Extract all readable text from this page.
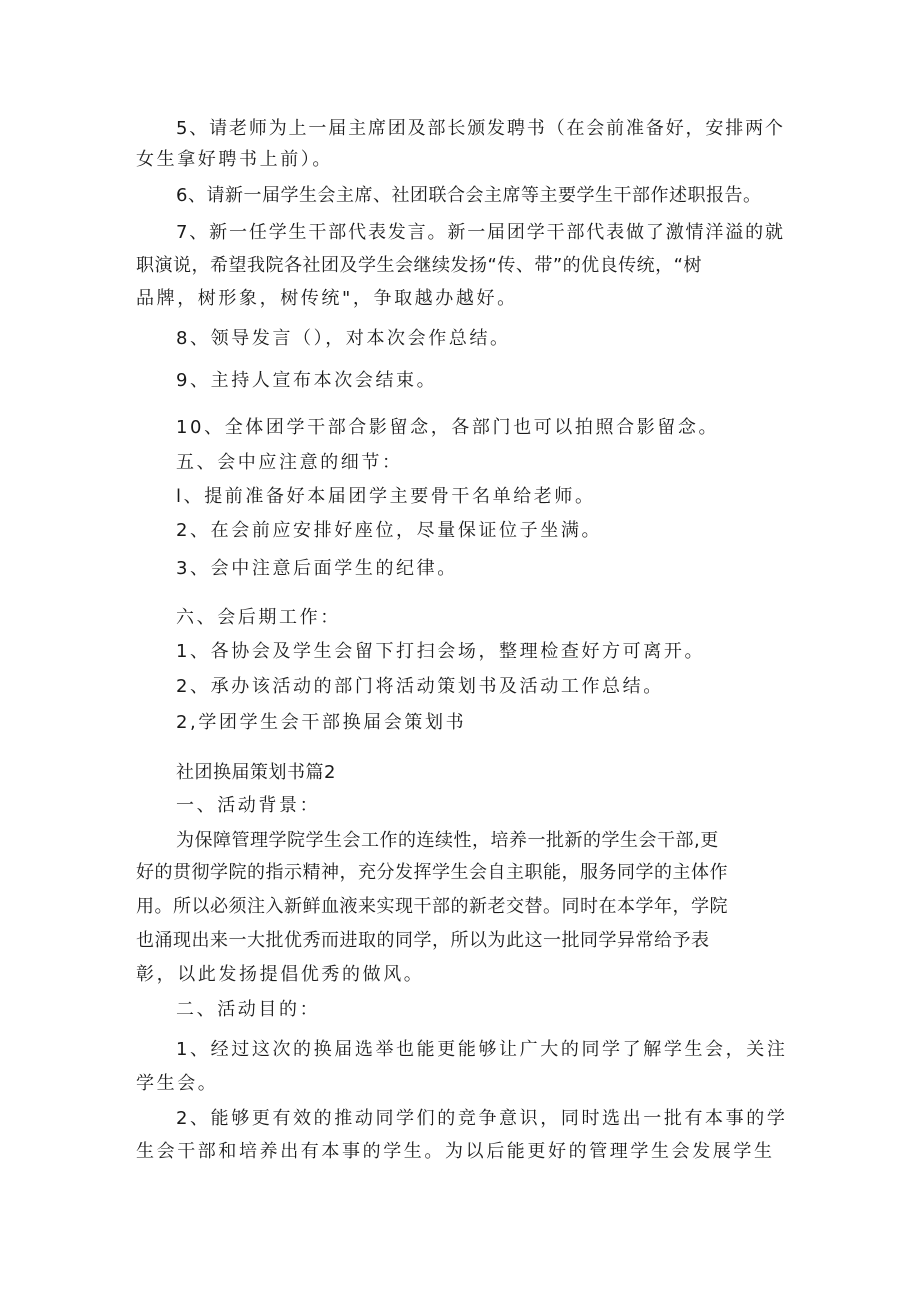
5、请老师为上一届主席团及部长颁发聘书（在会前准备好，安排两个
女生拿好聘书上前）。
6、请新一届学生会主席、社团联合会主席等主要学生干部作述职报告。
7、新一任学生干部代表发言。新一届团学干部代表做了激情洋溢的就
职演说，希望我院各社团及学生会继续发扬“传、带”的优良传统，“树
品牌，树形象，树传统"，争取越办越好。
8、领导发言（），对本次会作总结。
9、主持人宣布本次会结束。
10、全体团学干部合影留念，各部门也可以拍照合影留念。
五、会中应注意的细节：
l、提前准备好本届团学主要骨干名单给老师。
2、在会前应安排好座位，尽量保证位子坐满。
3、会中注意后面学生的纪律。
六、会后期工作：
1、各协会及学生会留下打扫会场，整理检查好方可离开。
2、承办该活动的部门将活动策划书及活动工作总结。
2,学团学生会干部换届会策划书
社团换届策划书篇2
一、活动背景：
为保障管理学院学生会工作的连续性，培养一批新的学生会干部,更
好的贯彻学院的指示精神，充分发挥学生会自主职能，服务同学的主体作
用。所以必须注入新鲜血液来实现干部的新老交替。同时在本学年，学院
也涌现出来一大批优秀而进取的同学，所以为此这一批同学异常给予表
彰，以此发扬提倡优秀的做风。
二、活动目的：
1、经过这次的换届选举也能更能够让广大的同学了解学生会，关注
学生会。
2、能够更有效的推动同学们的竞争意识，同时选出一批有本事的学
生会干部和培养出有本事的学生。为以后能更好的管理学生会发展学生
